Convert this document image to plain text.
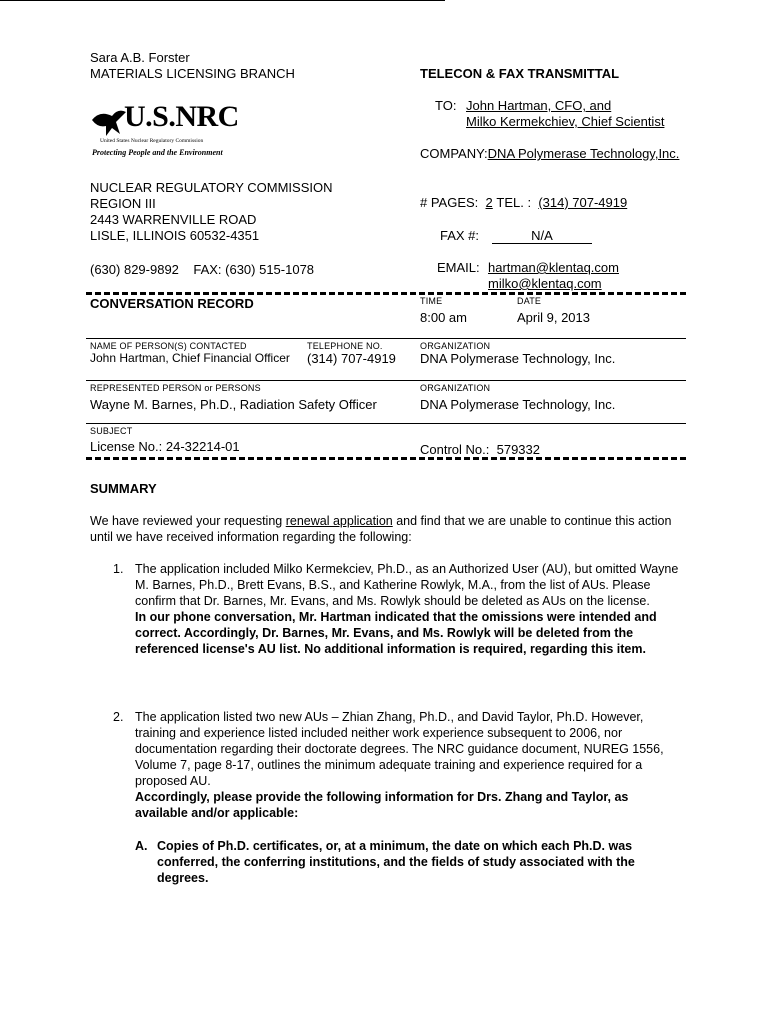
Sara A.B. Forster
MATERIALS LICENSING BRANCH
U.S.NRC
United States Nuclear Regulatory Commission
Protecting People and the Environment
NUCLEAR REGULATORY COMMISSION
REGION III
2443 WARRENVILLE ROAD
LISLE, ILLINOIS 60532-4351
(630) 829-9892    FAX: (630) 515-1078
TELECON & FAX TRANSMITTAL
TO: John Hartman, CFO, and
Milko Kermekchiev, Chief Scientist
COMPANY:DNA Polymerase Technology,Inc.
# PAGES: 2 TEL. : (314) 707-4919
FAX #:	N/A
EMAIL: hartman@klentaq.com
milko@klentaq.com
CONVERSATION RECORD	TIME	DATE
8:00 am	April 9, 2013
NAME OF PERSON(S) CONTACTED	TELEPHONE NO.	ORGANIZATION
John Hartman, Chief Financial Officer (314) 707-4919 DNA Polymerase Technology, Inc.
REPRESENTED PERSON or PERSONS	ORGANIZATION
Wayne M. Barnes, Ph.D., Radiation Safety Officer	DNA Polymerase Technology, Inc.
SUBJECT
License No.: 24-32214-01	Control No.: 579332
SUMMARY
We have reviewed your requesting renewal application and find that we are unable to continue this action until we have received information regarding the following:
1. The application included Milko Kermekciev, Ph.D., as an Authorized User (AU), but omitted Wayne M. Barnes, Ph.D., Brett Evans, B.S., and Katherine Rowlyk, M.A., from the list of AUs. Please confirm that Dr. Barnes, Mr. Evans, and Ms. Rowlyk should be deleted as AUs on the license.
In our phone conversation, Mr. Hartman indicated that the omissions were intended and correct. Accordingly, Dr. Barnes, Mr. Evans, and Ms. Rowlyk will be deleted from the referenced license's AU list. No additional information is required, regarding this item.
2. The application listed two new AUs – Zhian Zhang, Ph.D., and David Taylor, Ph.D. However, training and experience listed included neither work experience subsequent to 2006, nor documentation regarding their doctorate degrees. The NRC guidance document, NUREG 1556, Volume 7, page 8-17, outlines the minimum adequate training and experience required for a proposed AU.
Accordingly, please provide the following information for Drs. Zhang and Taylor, as available and/or applicable:
A. Copies of Ph.D. certificates, or, at a minimum, the date on which each Ph.D. was conferred, the conferring institutions, and the fields of study associated with the degrees.
